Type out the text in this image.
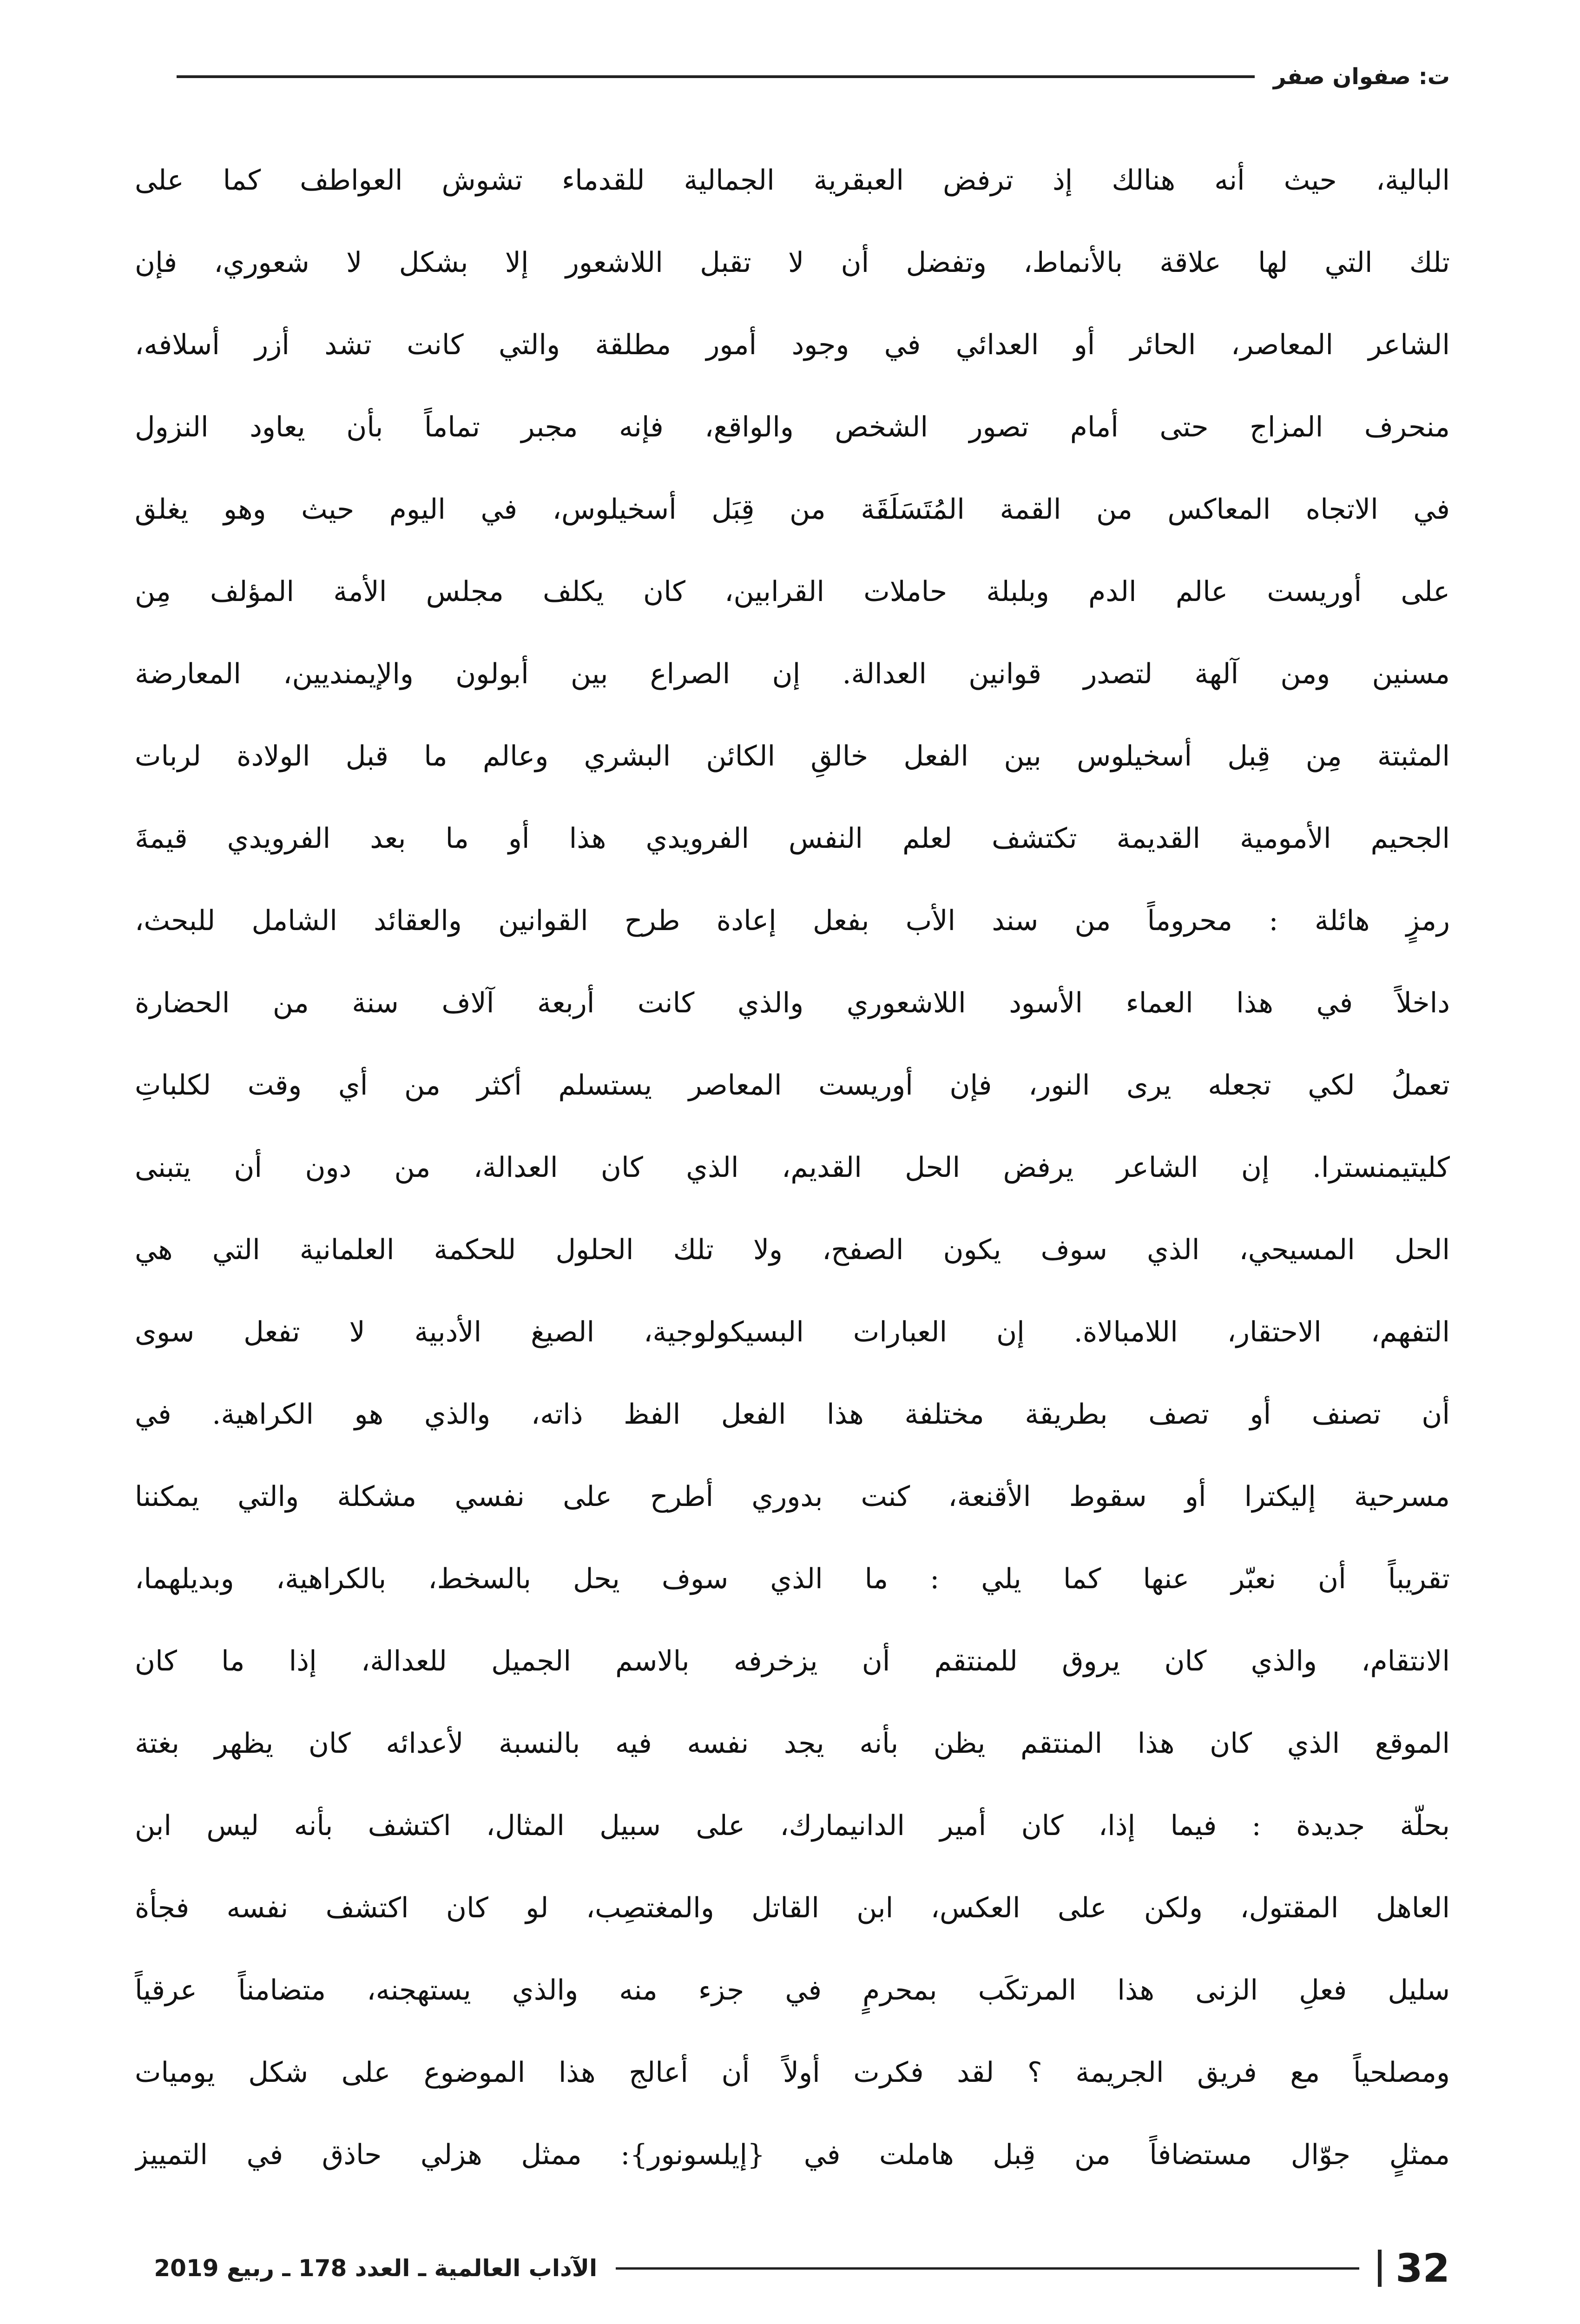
ت: صفوان صفر
البالية، حيث أنه هنالك إذ ترفض العبقرية الجمالية للقدماء تشوش العواطف كما على
تلك التي لها علاقة بالأنماط، وتفضل أن لا تقبل اللاشعور إلا بشكل لا شعوري، فإن
الشاعر المعاصر، الحائر أو العدائي في وجود أمور مطلقة والتي كانت تشد أزر أسلافه،
منحرف المزاج حتى أمام تصور الشخص والواقع، فإنه مجبر تماماً بأن يعاود النزول
في الاتجاه المعاكس من القمة المُتَسَلَقَة من قِبَل أسخيلوس، في اليوم حيث وهو يغلق
على أوريست عالم الدم وبلبلة حاملات القرابين، كان يكلف مجلس الأمة المؤلف مِن
مسنين ومن آلهة لتصدر قوانين العدالة. إن الصراع بين أبولون والإيمنديين، المعارضة
المثبتة مِن قِبل أسخيلوس بين الفعل خالقِ الكائن البشري وعالم ما قبل الولادة لربات
الجحيم الأمومية القديمة تكتشف لعلم النفس الفرويدي هذا أو ما بعد الفرويدي قيمةَ
رمزٍ هائلة : محروماً من سند الأب بفعل إعادة طرح القوانين والعقائد الشامل للبحث،
داخلاً في هذا العماء الأسود اللاشعوري والذي كانت أربعة آلاف سنة من الحضارة
تعملُ لكي تجعله يرى النور، فإن أوريست المعاصر يستسلم أكثر من أي وقت لكلباتِ
كليتيمنسترا. إن الشاعر يرفض الحل القديم، الذي كان العدالة، من دون أن يتبنى
الحل المسيحي، الذي سوف يكون الصفح، ولا تلك الحلول للحكمة العلمانية التي هي
التفهم، الاحتقار، اللامبالاة. إن العبارات البسيكولوجية، الصيغ الأدبية لا تفعل سوى
أن تصنف أو تصف بطريقة مختلفة هذا الفعل الفظ ذاته، والذي هو الكراهية. في
مسرحية إليكترا أو سقوط الأقنعة، كنت بدوري أطرح على نفسي مشكلة والتي يمكننا
تقريباً أن نعبّر عنها كما يلي : ما الذي سوف يحل بالسخط، بالكراهية، وبديلهما،
الانتقام، والذي كان يروق للمنتقم أن يزخرفه بالاسم الجميل للعدالة، إذا ما كان
الموقع الذي كان هذا المنتقم يظن بأنه يجد نفسه فيه بالنسبة لأعدائه كان يظهر بغتة
بحلّة جديدة : فيما إذا، كان أمير الدانيمارك، على سبيل المثال، اكتشف بأنه ليس ابن
العاهل المقتول، ولكن على العكس، ابن القاتل والمغتصِب، لو كان اكتشف نفسه فجأة
سليل فعلِ الزنى هذا المرتكَب بمحرمٍ في جزء منه والذي يستهجنه، متضامناً عرقياً
ومصلحياً مع فريق الجريمة ؟ لقد فكرت أولاً أن أعالج هذا الموضوع على شكل يوميات
ممثلٍ جوّال مستضافاً من قِبل هاملت في {إيلسونور}: ممثل هزلي حاذق في التمييز
32
الآداب العالمية ـ العدد 178 ـ ربيع 2019
